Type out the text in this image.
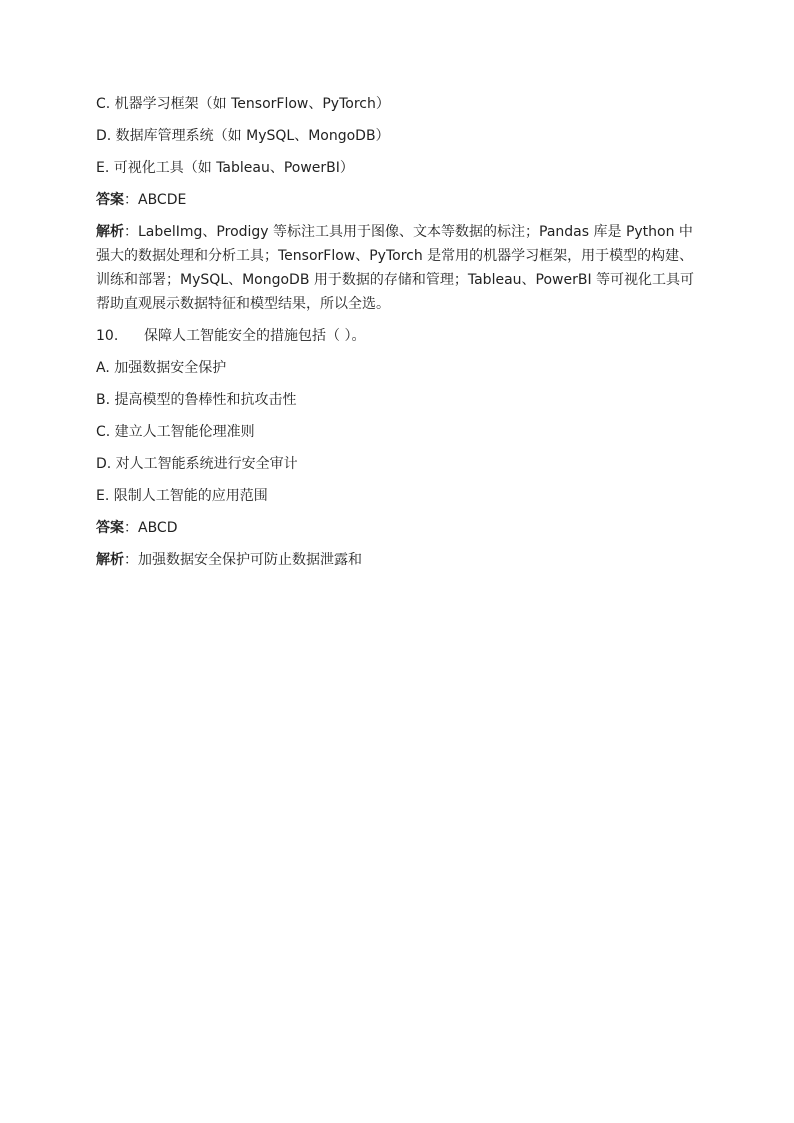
C. 机器学习框架（如 TensorFlow、PyTorch）

D. 数据库管理系统（如 MySQL、MongoDB）

E. 可视化工具（如 Tableau、PowerBI）

答案：ABCDE

解析：LabelImg、Prodigy 等标注工具用于图像、文本等数据的标注；Pandas 库是 Python 中强大的数据处理和分析工具；TensorFlow、PyTorch 是常用的机器学习框架，用于模型的构建、训练和部署；MySQL、MongoDB 用于数据的存储和管理；Tableau、PowerBI 等可视化工具可帮助直观展示数据特征和模型结果，所以全选。

10. 保障人工智能安全的措施包括（ ）。

A. 加强数据安全保护

B. 提高模型的鲁棒性和抗攻击性

C. 建立人工智能伦理准则

D. 对人工智能系统进行安全审计

E. 限制人工智能的应用范围

答案：ABCD

解析：加强数据安全保护可防止数据泄露和
